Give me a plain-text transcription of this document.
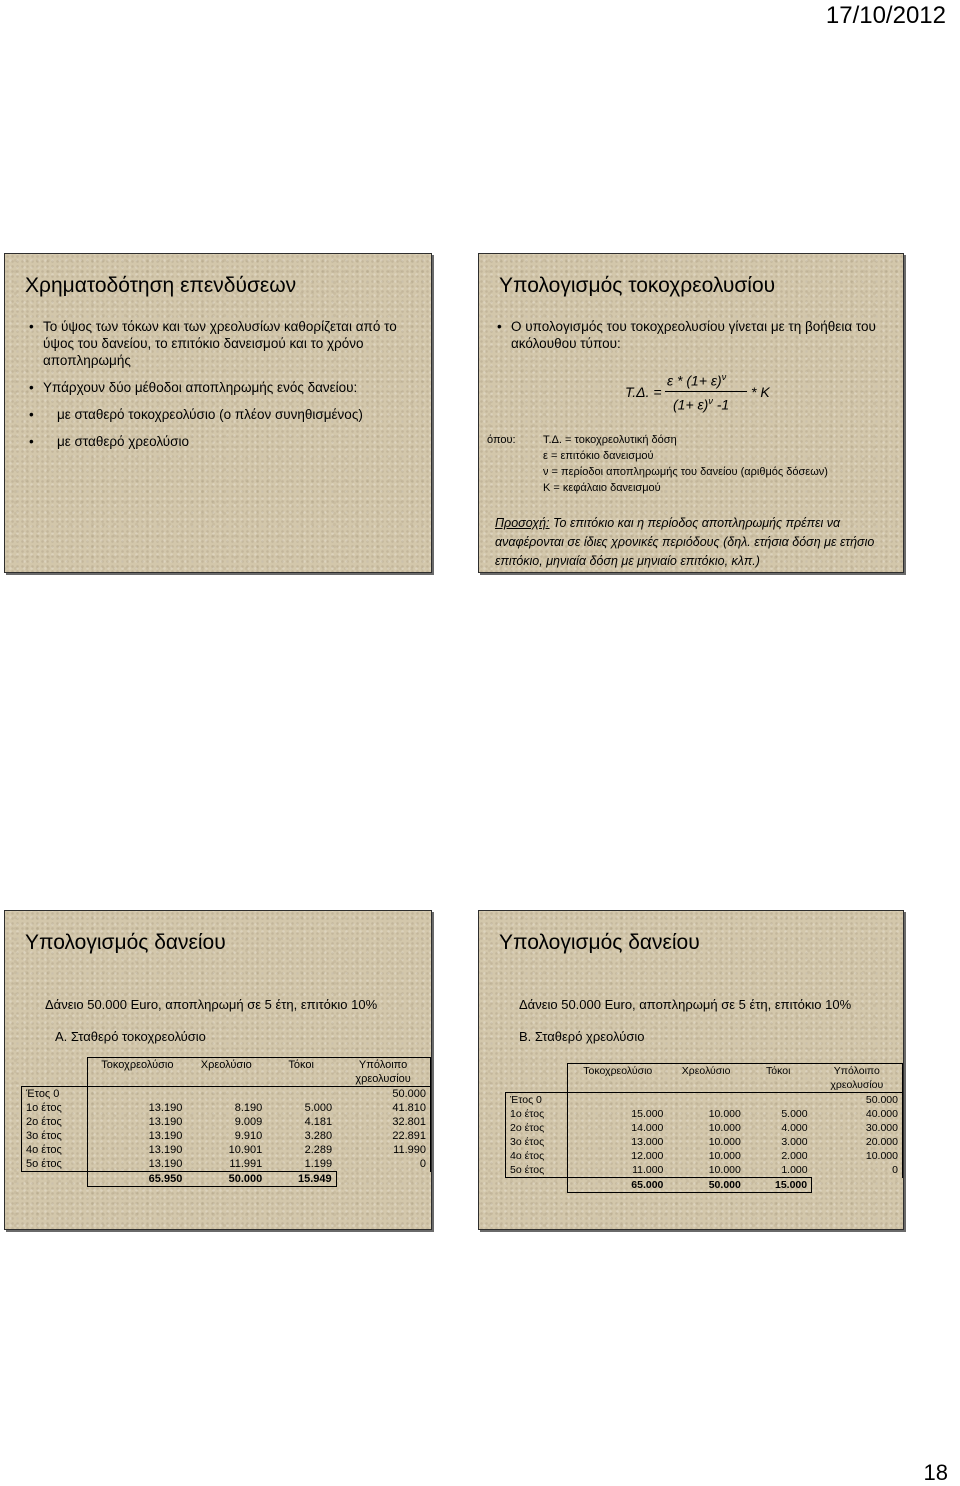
17/10/2012
Χρηματοδότηση επενδύσεων
• Το ύψος των τόκων και των χρεολυσίων καθορίζεται από το ύψος του δανείου, το επιτόκιο δανεισμού και το χρόνο αποπληρωμής
• Υπάρχουν δύο μέθοδοι αποπληρωμής ενός δανείου:
• με σταθερό τοκοχρεολύσιο (ο πλέον συνηθισμένος)
• με σταθερό χρεολύσιο
Υπολογισμός τοκοχρεολυσίου
• Ο υπολογισμός του τοκοχρεολυσίου γίνεται με τη βοήθεια του ακόλουθου τύπου:
Τ.Δ. =
$\varepsilon * (1+ \varepsilon)^\nu$
$(1+ \varepsilon)^\nu$ -1
* K
όπου:	Τ.Δ. = τοκοχρεολυτική δόση
ε = επιτόκιο δανεισμού
ν = περίοδοι αποπληρωμής του δανείου (αριθμός δόσεων)
Κ = κεφάλαιο δανεισμού
Προσοχή: Το επιτόκιο και η περίοδος αποπληρωμής πρέπει να αναφέρονται σε ίδιες χρονικές περιόδους (δηλ. ετήσια δόση με ετήσιο επιτόκιο, μηνιαία δόση με μηνιαίο επιτόκιο, κλπ.)
Υπολογισμός δανείου
Δάνειο 50.000 Euro, αποπληρωμή σε 5 έτη, επιτόκιο 10%
Α. Σταθερό τοκοχρεολύσιο
	Τοκοχρεολύσιο	Χρεολύσιο	Τόκοι	Υπόλοιπο χρεολυσίου
Έτος 0				50.000
1ο έτος	13.190	8.190	5.000	41.810
2ο έτος	13.190	9.009	4.181	32.801
3ο έτος	13.190	9.910	3.280	22.891
4ο έτος	13.190	10.901	2.289	11.990
5ο έτος	13.190	11.991	1.199	0
	65.950	50.000	15.949	
Υπολογισμός δανείου
Δάνειο 50.000 Euro, αποπληρωμή σε 5 έτη, επιτόκιο 10%
Β. Σταθερό χρεολύσιο
	Τοκοχρεολύσιο	Χρεολύσιο	Τόκοι	Υπόλοιπο χρεολυσίου
Έτος 0				50.000
1ο έτος	15.000	10.000	5.000	40.000
2ο έτος	14.000	10.000	4.000	30.000
3ο έτος	13.000	10.000	3.000	20.000
4ο έτος	12.000	10.000	2.000	10.000
5ο έτος	11.000	10.000	1.000	0
	65.000	50.000	15.000	
18
